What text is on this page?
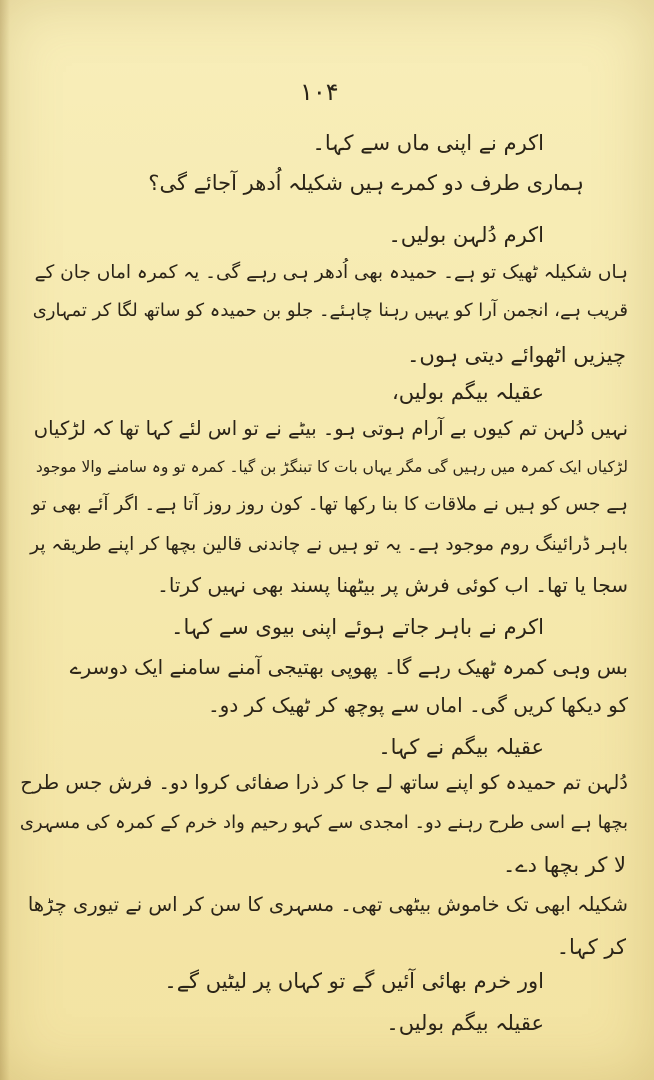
۱۰۴
اکرم نے اپنی ماں سے کہا۔
ہماری طرف دو کمرے ہیں شکیلہ اُدھر آجائے گی؟
اکرم دُلہن بولیں۔
ہاں شکیلہ ٹھیک تو ہے۔ حمیدہ بھی اُدھر ہی رہے گی۔ یہ کمرہ اماں جان کے
قریب ہے، انجمن آرا کو یہیں رہنا چاہئے۔ جلو بن حمیدہ کو ساتھ لگا کر تمہاری
چیزیں اٹھوائے دیتی ہوں۔
عقیلہ بیگم بولیں،
نہیں دُلہن تم کیوں بے آرام ہوتی ہو۔ بیٹے نے تو اس لئے کہا تھا کہ لڑکیاں
لڑکیاں ایک کمرہ میں رہیں گی مگر یہاں بات کا تبنگڑ بن گیا۔ کمرہ تو وہ سامنے والا موجود
ہے جس کو ہیں نے ملاقات کا بنا رکھا تھا۔ کون روز روز آتا ہے۔ اگر آئے بھی تو
باہر ڈرائینگ روم موجود ہے۔ یہ تو ہیں نے چاندنی قالین بچھا کر اپنے طریقہ پر
سجا یا تھا۔ اب کوئی فرش پر بیٹھنا پسند بھی نہیں کرتا۔
اکرم نے باہر جاتے ہوئے اپنی بیوی سے کہا۔
بس وہی کمرہ ٹھیک رہے گا۔ پھوپی بھتیجی آمنے سامنے ایک دوسرے
کو دیکھا کریں گی۔ اماں سے پوچھ کر ٹھیک کر دو۔
عقیلہ بیگم نے کہا۔
دُلہن تم حمیدہ کو اپنے ساتھ لے جا کر ذرا صفائی کروا دو۔ فرش جس طرح
بچھا ہے اسی طرح رہنے دو۔ امجدی سے کہو رحیم واد خرم کے کمرہ کی مسہری
لا کر بچھا دے۔
شکیلہ ابھی تک خاموش بیٹھی تھی۔ مسہری کا سن کر اس نے تیوری چڑھا
کر کہا۔
اور خرم بھائی آئیں گے تو کہاں پر لیٹیں گے۔
عقیلہ بیگم بولیں۔
